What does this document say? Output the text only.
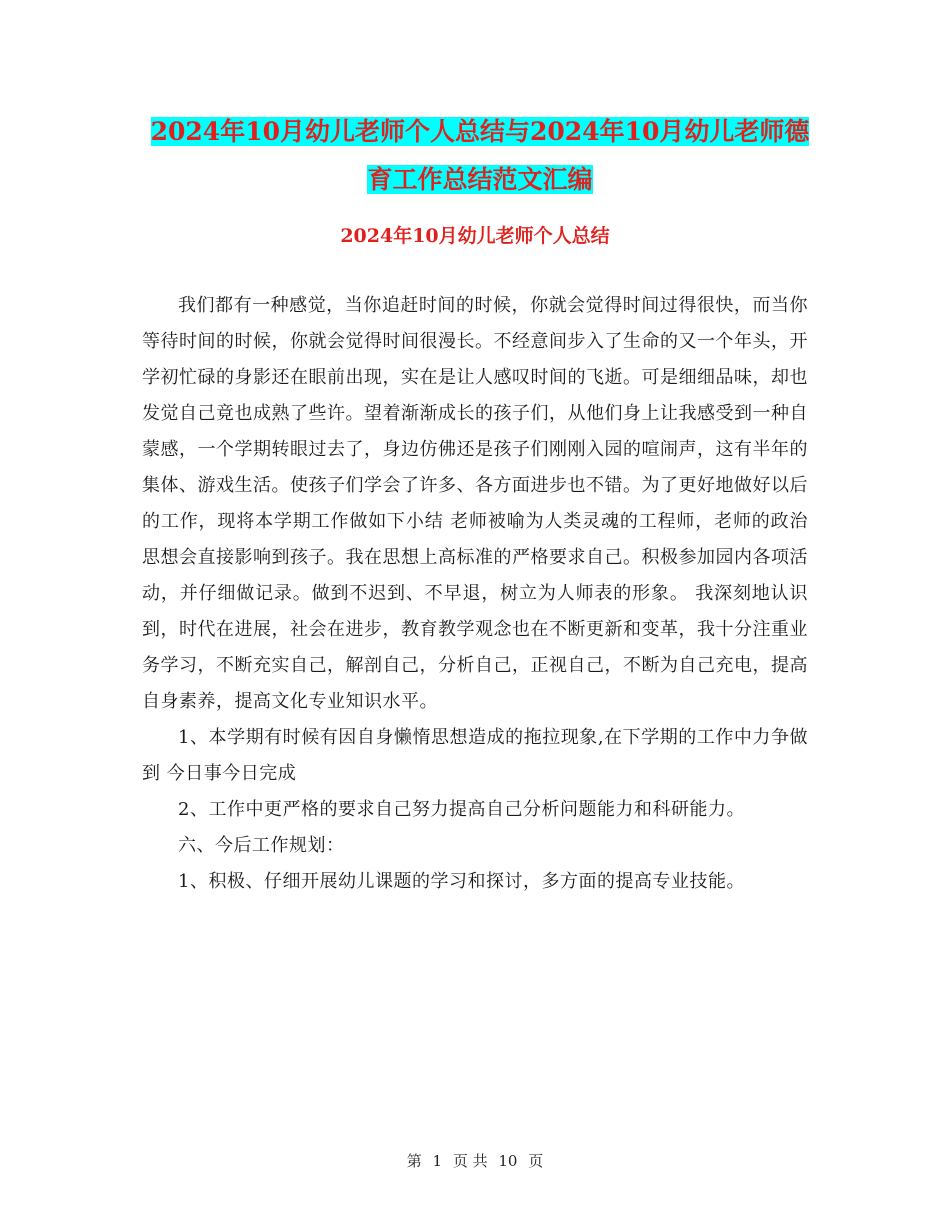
2024年10月幼儿老师个人总结与2024年10月幼儿老师德育工作总结范文汇编
2024年10月幼儿老师个人总结

我们都有一种感觉，当你追赶时间的时候，你就会觉得时间过得很快，而当你等待时间的时候，你就会觉得时间很漫长。不经意间步入了生命的又一个年头，开学初忙碌的身影还在眼前出现，实在是让人感叹时间的飞逝。可是细细品味，却也发觉自己竟也成熟了些许。望着渐渐成长的孩子们，从他们身上让我感受到一种自蒙感，一个学期转眼过去了，身边仿佛还是孩子们刚刚入园的喧闹声，这有半年的集体、游戏生活。使孩子们学会了许多、各方面进步也不错。为了更好地做好以后的工作，现将本学期工作做如下小结 老师被喻为人类灵魂的工程师，老师的政治思想会直接影响到孩子。我在思想上高标准的严格要求自己。积极参加园内各项活动，并仔细做记录。做到不迟到、不早退，树立为人师表的形象。 我深刻地认识到，时代在进展，社会在进步，教育教学观念也在不断更新和变革，我十分注重业务学习，不断充实自己，解剖自己，分析自己，正视自己，不断为自己充电，提高自身素养，提高文化专业知识水平。

1、本学期有时候有因自身懒惰思想造成的拖拉现象,在下学期的工作中力争做到 今日事今日完成

2、工作中更严格的要求自己努力提高自己分析问题能力和科研能力。

六、今后工作规划：

1、积极、仔细开展幼儿课题的学习和探讨，多方面的提高专业技能。

第 1 页 共 10 页
